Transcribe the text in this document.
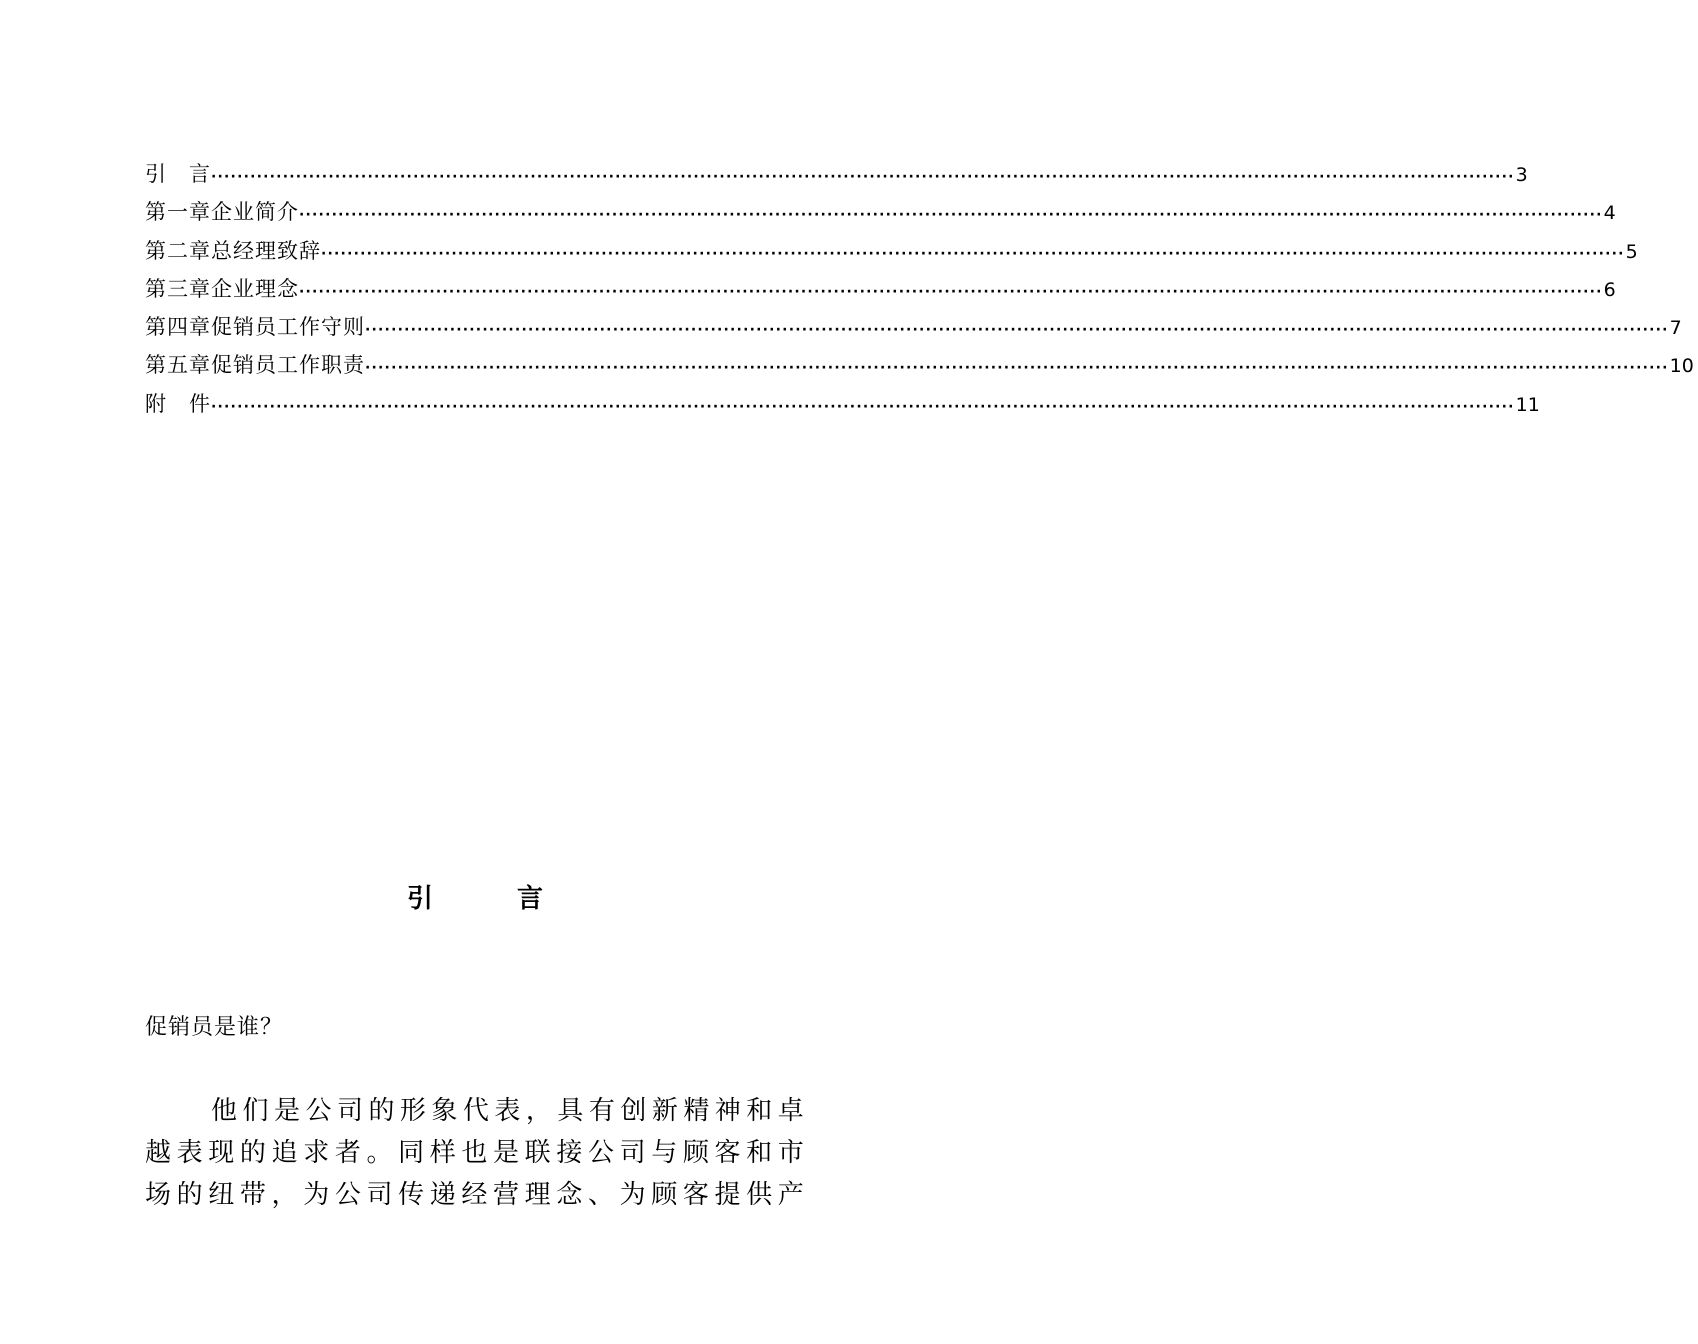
引　言 ········································································································································································································ 3
第一章 企业简介 ········································································································································································································ 4
第二章 总经理致辞 ········································································································································································································ 5
第三章 企业理念 ········································································································································································································ 6
第四章 促销员工作守则 ········································································································································································································ 7
第五章 促销员工作职责 ········································································································································································································ 10
附　件 ········································································································································································································ 11
引	言
促销员是谁？
他们是公司的形象代表，具有创新精神和卓
越表现的追求者。同样也是联接公司与顾客和市
场的纽带，为公司传递经营理念、为顾客提供产
